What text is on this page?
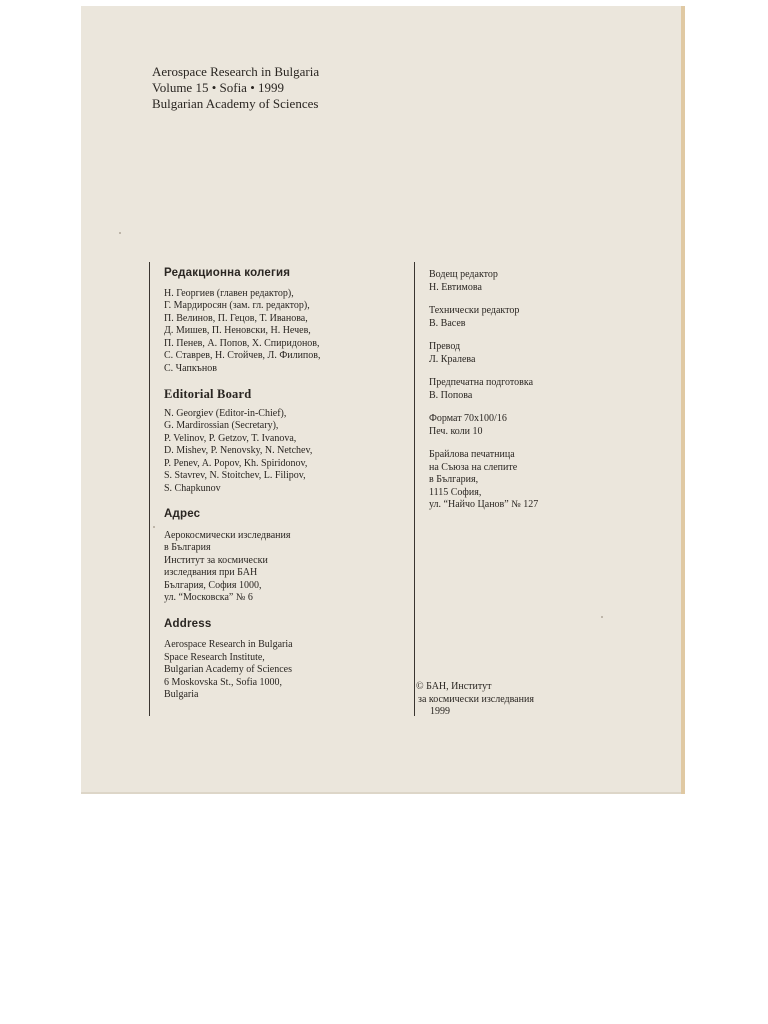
Aerospace Research in Bulgaria
Volume 15 • Sofia • 1999
Bulgarian Academy of Sciences
Редакционна колегия
Н. Георгиев (главен редактор),
Г. Мардиросян (зам. гл. редактор),
П. Велинов, П. Гецов, Т. Иванова,
Д. Мишев, П. Неновски, Н. Нечев,
П. Пенев, А. Попов, Х. Спиридонов,
С. Ставрев, Н. Стойчев, Л. Филипов,
С. Чапкънов
Editorial Board
N. Georgiev (Editor-in-Chief),
G. Mardirossian (Secretary),
P. Velinov, P. Getzov, T. Ivanova,
D. Mishev, P. Nenovsky, N. Netchev,
P. Penev, A. Popov, Kh. Spiridonov,
S. Stavrev, N. Stoitchev, L. Filipov,
S. Chapkunov
Адрес
Аерокосмически изследвания
в България
Институт за космически
изследвания при БАН
България, София 1000,
ул. “Московска” № 6
Address
Aerospace Research in Bulgaria
Space Research Institute,
Bulgarian Academy of Sciences
6 Moskovska St., Sofia 1000,
Bulgaria
Водещ редактор
Н. Евтимова
Технически редактор
В. Васев
Превод
Л. Кралева
Предпечатна подготовка
В. Попова
Формат 70х100/16
Печ. коли 10
Брайлова печатница
на Съюза на слепите
в България,
1115 София,
ул. “Найчо Цанов” № 127
© БАН, Институт
за космически изследвания
1999
